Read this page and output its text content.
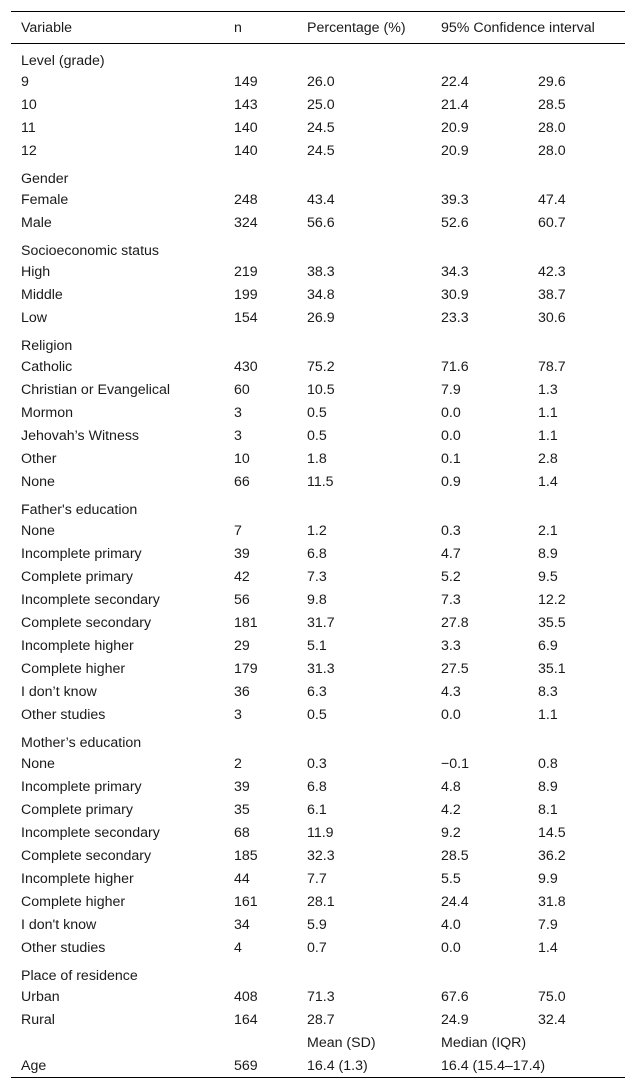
Variable	n	Percentage (%)	95% Confidence interval	
Level (grade)				
9	149	26.0	22.4	29.6
10	143	25.0	21.4	28.5
11	140	24.5	20.9	28.0
12	140	24.5	20.9	28.0
Gender				
Female	248	43.4	39.3	47.4
Male	324	56.6	52.6	60.7
Socioeconomic status				
High	219	38.3	34.3	42.3
Middle	199	34.8	30.9	38.7
Low	154	26.9	23.3	30.6
Religion				
Catholic	430	75.2	71.6	78.7
Christian or Evangelical	60	10.5	7.9	1.3
Mormon	3	0.5	0.0	1.1
Jehovah’s Witness	3	0.5	0.0	1.1
Other	10	1.8	0.1	2.8
None	66	11.5	0.9	1.4
Father's education				
None	7	1.2	0.3	2.1
Incomplete primary	39	6.8	4.7	8.9
Complete primary	42	7.3	5.2	9.5
Incomplete secondary	56	9.8	7.3	12.2
Complete secondary	181	31.7	27.8	35.5
Incomplete higher	29	5.1	3.3	6.9
Complete higher	179	31.3	27.5	35.1
I don’t know	36	6.3	4.3	8.3
Other studies	3	0.5	0.0	1.1
Mother’s education				
None	2	0.3	−0.1	0.8
Incomplete primary	39	6.8	4.8	8.9
Complete primary	35	6.1	4.2	8.1
Incomplete secondary	68	11.9	9.2	14.5
Complete secondary	185	32.3	28.5	36.2
Incomplete higher	44	7.7	5.5	9.9
Complete higher	161	28.1	24.4	31.8
I don't know	34	5.9	4.0	7.9
Other studies	4	0.7	0.0	1.4
Place of residence				
Urban	408	71.3	67.6	75.0
Rural	164	28.7	24.9	32.4
		Mean (SD)	Median (IQR)	
Age	569	16.4 (1.3)	16.4 (15.4–17.4)	
